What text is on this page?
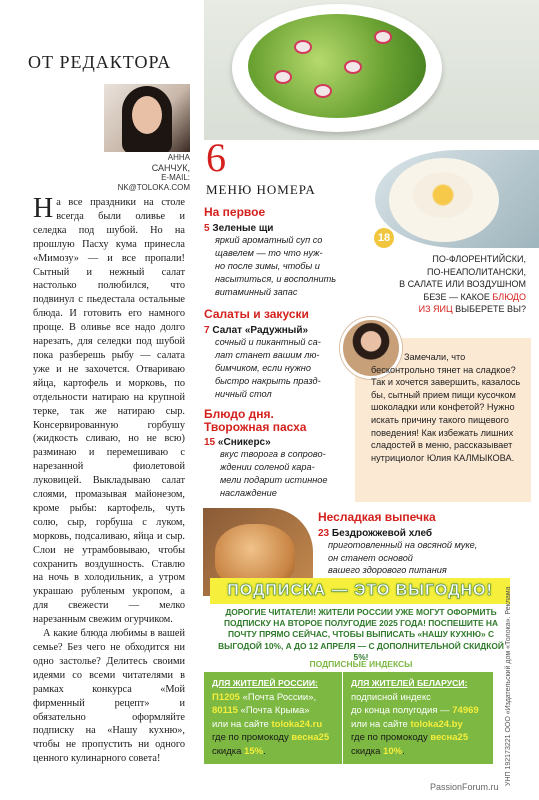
ОТ РЕДАКТОРА
АННА
САНЧУК,
E-MAIL:
NK@TOLOKA.COM

На все праздники на столе всегда были оливье и селедка под шубой. Но на прошлую Пасху кума принесла «Мимозу» — и все пропали! Сытный и нежный салат настолько полюбился, что подвинул с пьедестала остальные блюда. И готовить его намного проще. В оливье все надо долго нарезать, для селедки под шубой пока разберешь рыбу — салата уже и не захочется. Отвариваю яйца, картофель и морковь, по отдельности натираю на крупной терке, так же натираю сыр. Консервированную горбушу (жидкость сливаю, но не всю) разминаю и перемешиваю с нарезанной фиолетовой луковицей. Выкладываю салат слоями, промазывая майонезом, кроме рыбы: картофель, чуть солю, сыр, горбуша с луком, морковь, подсаливаю, яйца и сыр. Слои не утрамбовываю, чтобы сохранить воздушность. Ставлю на ночь в холодильник, а утром украшаю рубленым укропом, а для свежести — мелко нарезанным свежим огурчиком.

А какие блюда любимы в вашей семье? Без чего не обходится ни одно застолье? Делитесь своими идеями со всеми читателями в рамках конкурса «Мой фирменный рецепт» и обязательно оформляйте подписку на «Нашу кухню», чтобы не пропустить ни одного ценного кулинарного совета!

6
МЕНЮ НОМЕРА
На первое
5 Зеленые щи
яркий ароматный суп со
щавелем — то что нуж-
но после зимы, чтобы и
насытиться, и восполнить
витаминный запас
Салаты и закуски
7 Салат «Радужный»
сочный и пикантный са-
лат станет вашим лю-
бимчиком, если нужно
быстро накрыть празд-
ничный стол
Блюдо дня.
Творожная пасха
15 «Сникерс»
вкус творога в сопрово-
ждении соленой кара-
мели подарит истинное
наслаждение
18
ПО-ФЛОРЕНТИЙСКИ,
ПО-НЕАПОЛИТАНСКИ,
В САЛАТЕ ИЛИ ВОЗДУШНОМ
БЕЗЕ — КАКОЕ БЛЮДО
ИЗ ЯИЦ ВЫБЕРЕТЕ ВЫ?
Замечали, что бесконтрольно тянет на сладкое? Так и хочется завершить, казалось бы, сытный прием пищи кусочком шоколадки или конфетой? Нужно искать причину такого пищевого поведения! Как избежать лишних сладостей в меню, рассказывает нутрициолог Юлия КАЛМЫКОВА.
Несладкая выпечка
23 Бездрожжевой хлеб
приготовленный на овсяной муке,
он станет основой
вашего здорового питания
ПОДПИСКА — ЭТО ВЫГОДНО!
ДОРОГИЕ ЧИТАТЕЛИ! ЖИТЕЛИ РОССИИ УЖЕ МОГУТ ОФОРМИТЬ ПОДПИСКУ НА ВТОРОЕ ПОЛУГОДИЕ 2025 ГОДА! ПОСПЕШИТЕ НА ПОЧТУ ПРЯМО СЕЙЧАС, ЧТОБЫ ВЫПИСАТЬ «НАШУ КУХНЮ» С ВЫГОДОЙ 10%, А ДО 12 АПРЕЛЯ — С ДОПОЛНИТЕЛЬНОЙ СКИДКОЙ 5%!
ПОДПИСНЫЕ ИНДЕКСЫ
ДЛЯ ЖИТЕЛЕЙ РОССИИ:
П1205 «Почта России»,
80115 «Почта Крыма»
или на сайте toloka24.ru
где по промокоду весна25
скидка 15%.
ДЛЯ ЖИТЕЛЕЙ БЕЛАРУСИ:
подписной индекс
до конца полугодия — 74969
или на сайте toloka24.by
где по промокоду весна25
скидка 10%.	УНП 192173221 ООО «Издательский дом «Толока». Реклама
PassionForum.ru
